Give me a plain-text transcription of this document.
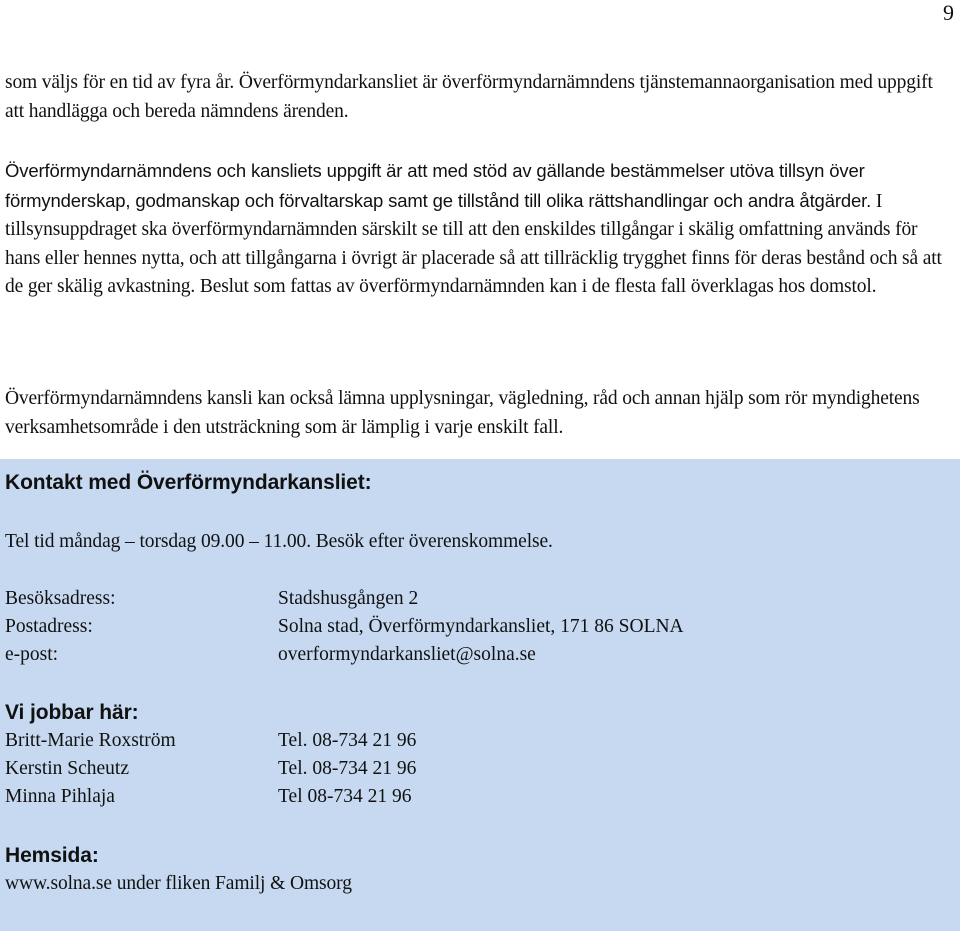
9

som väljs för en tid av fyra år. Överförmyndarkansliet är överförmyndarnämndens tjänstemannaorganisation med uppgift att handlägga och bereda nämndens ärenden.

Överförmyndarnämndens och kansliets uppgift är att med stöd av gällande bestämmelser utöva tillsyn över förmynderskap, godmanskap och förvaltarskap samt ge tillstånd till olika rättshandlingar och andra åtgärder. I tillsynsuppdraget ska överförmyndarnämnden särskilt se till att den enskildes tillgångar i skälig omfattning används för hans eller hennes nytta, och att tillgångarna i övrigt är placerade så att tillräcklig trygghet finns för deras bestånd och så att de ger skälig avkastning. Beslut som fattas av överförmyndarnämnden kan i de flesta fall överklagas hos domstol.

Överförmyndarnämndens kansli kan också lämna upplysningar, vägledning, råd och annan hjälp som rör myndighetens verksamhetsområde i den utsträckning som är lämplig i varje enskilt fall.

Kontakt med Överförmyndarkansliet:
Tel tid måndag – torsdag 09.00 – 11.00. Besök efter överenskommelse.
Besöksadress:	Stadshusgången 2
Postadress:	Solna stad, Överförmyndarkansliet, 171 86 SOLNA
e-post:	overformyndarkansliet@solna.se
Vi jobbar här:
Britt-Marie Roxström	Tel. 08-734 21 96
Kerstin Scheutz	Tel. 08-734 21 96
Minna Pihlaja	Tel 08-734 21 96
Hemsida:
www.solna.se under fliken Familj & Omsorg
